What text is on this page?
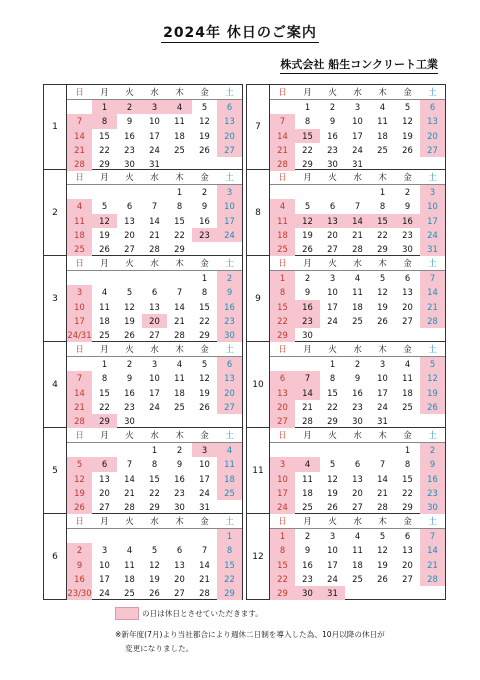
2024年 休日のご案内
株式会社 船生コンクリート工業
1
日	月	火	水	木	金	土
	1	2	3	4	5	6
7	8	9	10	11	12	13
14	15	16	17	18	19	20
21	22	23	24	25	26	27
28	29	30	31			
2
日	月	火	水	木	金	土
				1	2	3
4	5	6	7	8	9	10
11	12	13	14	15	16	17
18	19	20	21	22	23	24
25	26	27	28	29		
3
日	月	火	水	木	金	土
					1	2
3	4	5	6	7	8	9
10	11	12	13	14	15	16
17	18	19	20	21	22	23
24/31	25	26	27	28	29	30
4
日	月	火	水	木	金	土
	1	2	3	4	5	6
7	8	9	10	11	12	13
14	15	16	17	18	19	20
21	22	23	24	25	26	27
28	29	30				
5
日	月	火	水	木	金	土
			1	2	3	4
5	6	7	8	9	10	11
12	13	14	15	16	17	18
19	20	21	22	23	24	25
26	27	28	29	30	31	
6
日	月	火	水	木	金	土
						1
2	3	4	5	6	7	8
9	10	11	12	13	14	15
16	17	18	19	20	21	22
23/30	24	25	26	27	28	29
7
日	月	火	水	木	金	土
	1	2	3	4	5	6
7	8	9	10	11	12	13
14	15	16	17	18	19	20
21	22	23	24	25	26	27
28	29	30	31			
8
日	月	火	水	木	金	土
				1	2	3
4	5	6	7	8	9	10
11	12	13	14	15	16	17
18	19	20	21	22	23	24
25	26	27	28	29	30	31
9
日	月	火	水	木	金	土
1	2	3	4	5	6	7
8	9	10	11	12	13	14
15	16	17	18	19	20	21
22	23	24	25	26	27	28
29	30					
10
日	月	火	水	木	金	土
		1	2	3	4	5
6	7	8	9	10	11	12
13	14	15	16	17	18	19
20	21	22	23	24	25	26
27	28	29	30	31		
11
日	月	火	水	木	金	土
					1	2
3	4	5	6	7	8	9
10	11	12	13	14	15	16
17	18	19	20	21	22	23
24	25	26	27	28	29	30
12
日	月	火	水	木	金	土
1	2	3	4	5	6	7
8	9	10	11	12	13	14
15	16	17	18	19	20	21
22	23	24	25	26	27	28
29	30	31				
の日は休日とさせていただきます。
※新年度(7月)より当社都合により週休二日制を導入した為、10月以降の休日が
変更になりました。
